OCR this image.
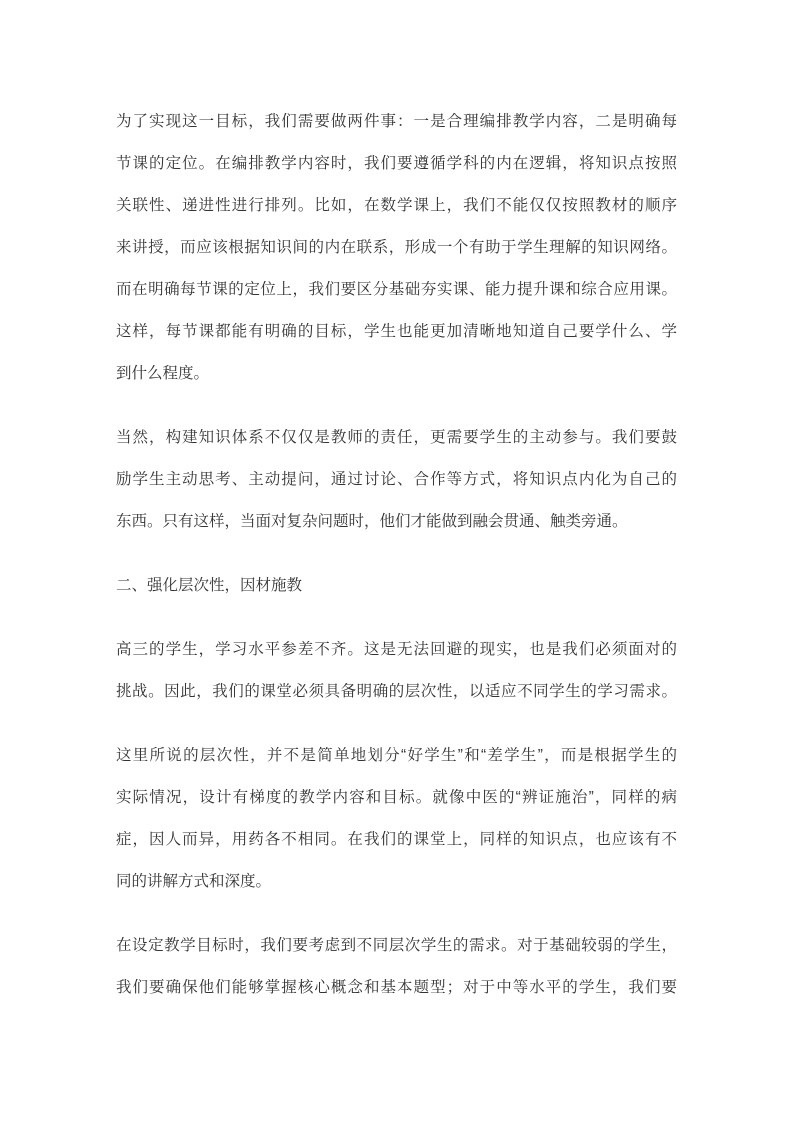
为了实现这一目标，我们需要做两件事：一是合理编排教学内容，二是明确每
节课的定位。在编排教学内容时，我们要遵循学科的内在逻辑，将知识点按照
关联性、递进性进行排列。比如，在数学课上，我们不能仅仅按照教材的顺序
来讲授，而应该根据知识间的内在联系，形成一个有助于学生理解的知识网络。
而在明确每节课的定位上，我们要区分基础夯实课、能力提升课和综合应用课。
这样，每节课都能有明确的目标，学生也能更加清晰地知道自己要学什么、学
到什么程度。
当然，构建知识体系不仅仅是教师的责任，更需要学生的主动参与。我们要鼓
励学生主动思考、主动提问，通过讨论、合作等方式，将知识点内化为自己的
东西。只有这样，当面对复杂问题时，他们才能做到融会贯通、触类旁通。
二、强化层次性，因材施教
高三的学生，学习水平参差不齐。这是无法回避的现实，也是我们必须面对的
挑战。因此，我们的课堂必须具备明确的层次性，以适应不同学生的学习需求。
这里所说的层次性，并不是简单地划分“好学生”和“差学生”，而是根据学生的
实际情况，设计有梯度的教学内容和目标。就像中医的“辨证施治”，同样的病
症，因人而异，用药各不相同。在我们的课堂上，同样的知识点，也应该有不
同的讲解方式和深度。
在设定教学目标时，我们要考虑到不同层次学生的需求。对于基础较弱的学生，
我们要确保他们能够掌握核心概念和基本题型；对于中等水平的学生，我们要
